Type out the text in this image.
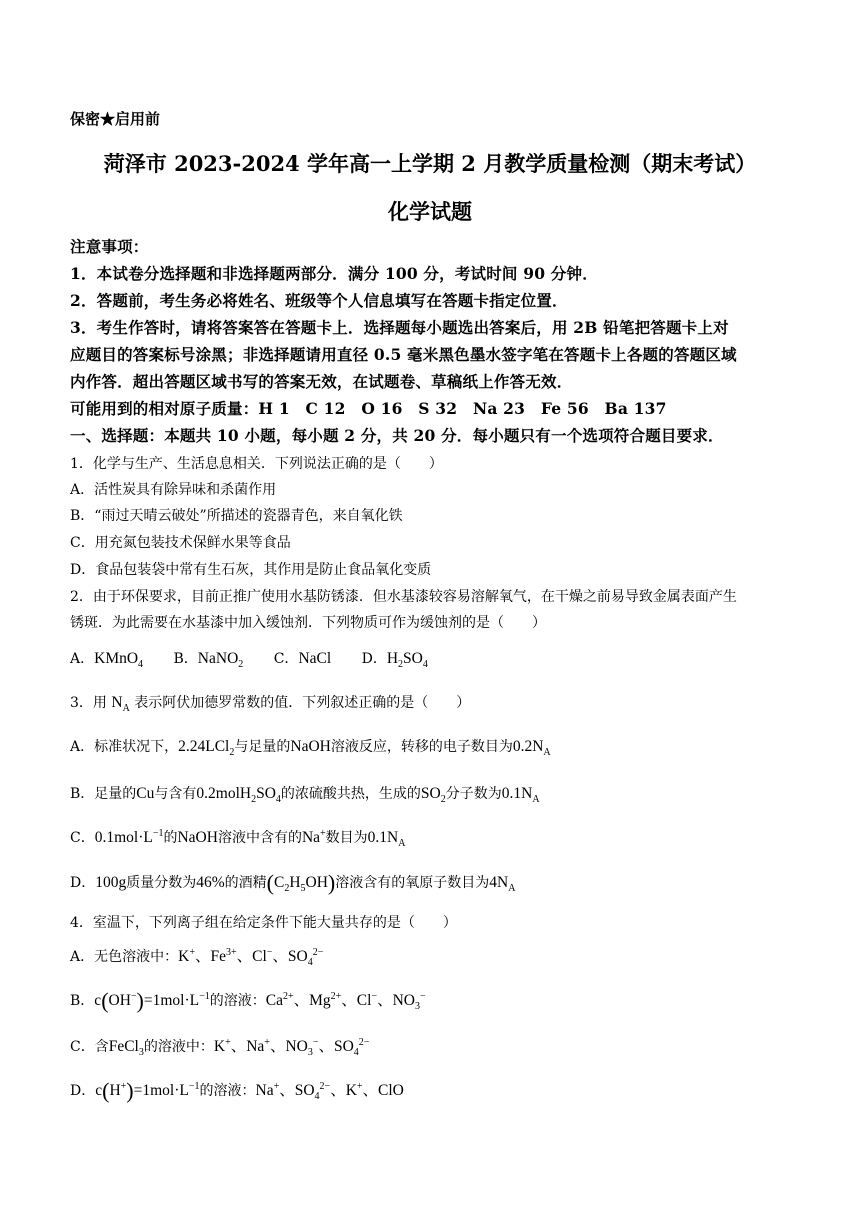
保密★启用前
菏泽市 2023-2024 学年高一上学期 2 月教学质量检测（期末考试）
化学试题
注意事项：
1．本试卷分选择题和非选择题两部分．满分 100 分，考试时间 90 分钟．
2．答题前，考生务必将姓名、班级等个人信息填写在答题卡指定位置．
3．考生作答时，请将答案答在答题卡上．选择题每小题选出答案后，用 2B 铅笔把答题卡上对
应题目的答案标号涂黑；非选择题请用直径 0.5 毫米黑色墨水签字笔在答题卡上各题的答题区域
内作答．超出答题区域书写的答案无效，在试题卷、草稿纸上作答无效．
可能用到的相对原子质量：H 1　C 12　O 16　S 32　Na 23　Fe 56　Ba 137
一、选择题：本题共 10 小题，每小题 2 分，共 20 分．每小题只有一个选项符合题目要求．
1．化学与生产、生活息息相关．下列说法正确的是（　　）
A．活性炭具有除异味和杀菌作用
B．“雨过天晴云破处”所描述的瓷器青色，来自氧化铁
C．用充氮包装技术保鲜水果等食品
D．食品包装袋中常有生石灰，其作用是防止食品氧化变质
2．由于环保要求，目前正推广使用水基防锈漆．但水基漆较容易溶解氧气，在干燥之前易导致金属表面产生
锈斑．为此需要在水基漆中加入缓蚀剂．下列物质可作为缓蚀剂的是（　　）
A．KMnO$_4$ B．NaNO$_2$ C．NaCl D．$H_2SO_4$
3．用 $N_A$ 表示阿伏加德罗常数的值．下列叙述正确的是（　　）
A．标准状况下，2.24LCl$_2$与足量的NaOH溶液反应，转移的电子数目为$0.2N_A$
B．足量的Cu与含有$0.2molH_2SO_4$的浓硫酸共热，生成的$SO_2$分子数为$0.1N_A$
C．$0.1mol\cdot L^{-1}$的NaOH溶液中含有的Na+数目为$0.1N_A$
D．100g质量分数为46%的酒精$(C_2H_5OH)$溶液含有的氧原子数目为$4N_A$
4．室温下，下列离子组在给定条件下能大量共存的是（　　）
A．无色溶液中：K+、$Fe^{3+}$、Cl−、$SO_4^{2-}$
B．$c(OH^-)=1mol\cdot L^{-1}$的溶液：$Ca^{2+}$、$Mg^{2+}$、Cl−、$NO_3^-$
C．含FeCl$_3$的溶液中：K+、Na+、$NO_3^-$、$SO_4^{2-}$
D．$c(H^+)=1mol\cdot L^{-1}$的溶液：Na+、$SO_4^{2-}$、K+、ClO
